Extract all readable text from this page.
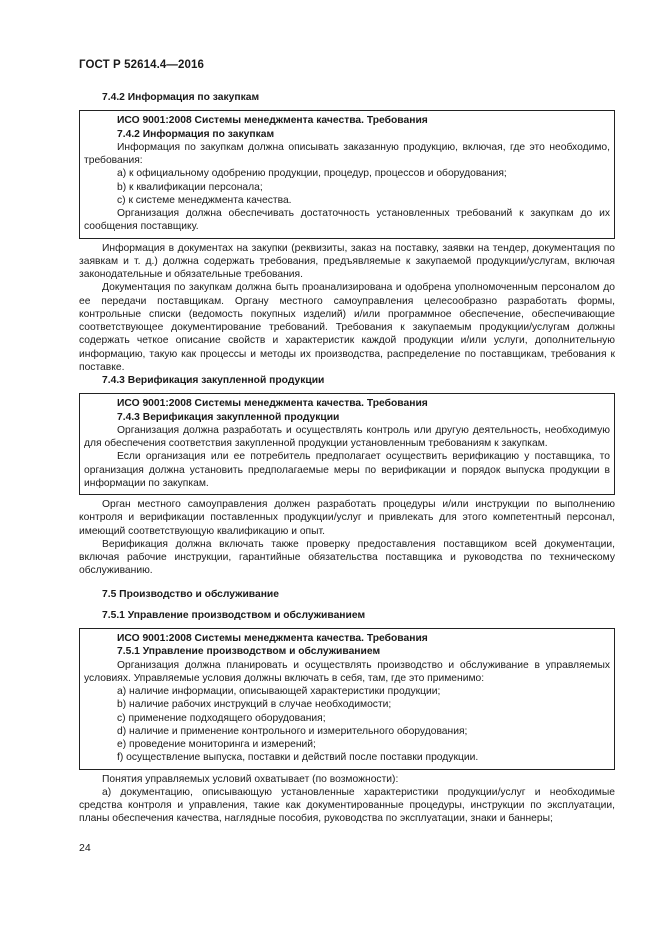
ГОСТ Р 52614.4—2016

7.4.2 Информация по закупкам

ИСО 9001:2008 Системы менеджмента качества. Требования

7.4.2 Информация по закупкам

Информация по закупкам должна описывать заказанную продукцию, включая, где это необходимо, требования:

a) к официальному одобрению продукции, процедур, процессов и оборудования;

b) к квалификации персонала;

c) к системе менеджмента качества.

Организация должна обеспечивать достаточность установленных требований к закупкам до их сообщения поставщику.

Информация в документах на закупки (реквизиты, заказ на поставку, заявки на тендер, документация по заявкам и т. д.) должна содержать требования, предъявляемые к закупаемой продукции/услугам, включая законодательные и обязательные требования.

Документация по закупкам должна быть проанализирована и одобрена уполномоченным персоналом до ее передачи поставщикам. Органу местного самоуправления целесообразно разработать формы, контрольные списки (ведомость покупных изделий) и/или программное обеспечение, обеспечивающие соответствующее документирование требований. Требования к закупаемым продукции/услугам должны содержать четкое описание свойств и характеристик каждой продукции и/или услуги, дополнительную информацию, такую как процессы и методы их производства, распределение по поставщикам, требования к поставке.

7.4.3 Верификация закупленной продукции

ИСО 9001:2008 Системы менеджмента качества. Требования

7.4.3 Верификация закупленной продукции

Организация должна разработать и осуществлять контроль или другую деятельность, необходимую для обеспечения соответствия закупленной продукции установленным требованиям к закупкам.

Если организация или ее потребитель предполагает осуществить верификацию у поставщика, то организация должна установить предполагаемые меры по верификации и порядок выпуска продукции в информации по закупкам.

Орган местного самоуправления должен разработать процедуры и/или инструкции по выполнению контроля и верификации поставленных продукции/услуг и привлекать для этого компетентный персонал, имеющий соответствующую квалификацию и опыт.

Верификация должна включать также проверку предоставления поставщиком всей документации, включая рабочие инструкции, гарантийные обязательства поставщика и руководства по техническому обслуживанию.

7.5 Производство и обслуживание

7.5.1 Управление производством и обслуживанием

ИСО 9001:2008 Системы менеджмента качества. Требования

7.5.1 Управление производством и обслуживанием

Организация должна планировать и осуществлять производство и обслуживание в управляемых условиях. Управляемые условия должны включать в себя, там, где это применимо:

a) наличие информации, описывающей характеристики продукции;

b) наличие рабочих инструкций в случае необходимости;

c) применение подходящего оборудования;

d) наличие и применение контрольного и измерительного оборудования;

e) проведение мониторинга и измерений;

f) осуществление выпуска, поставки и действий после поставки продукции.

Понятия управляемых условий охватывает (по возможности):

а) документацию, описывающую установленные характеристики продукции/услуг и необходимые средства контроля и управления, такие как документированные процедуры, инструкции по эксплуатации, планы обеспечения качества, наглядные пособия, руководства по эксплуатации, знаки и баннеры;

24
